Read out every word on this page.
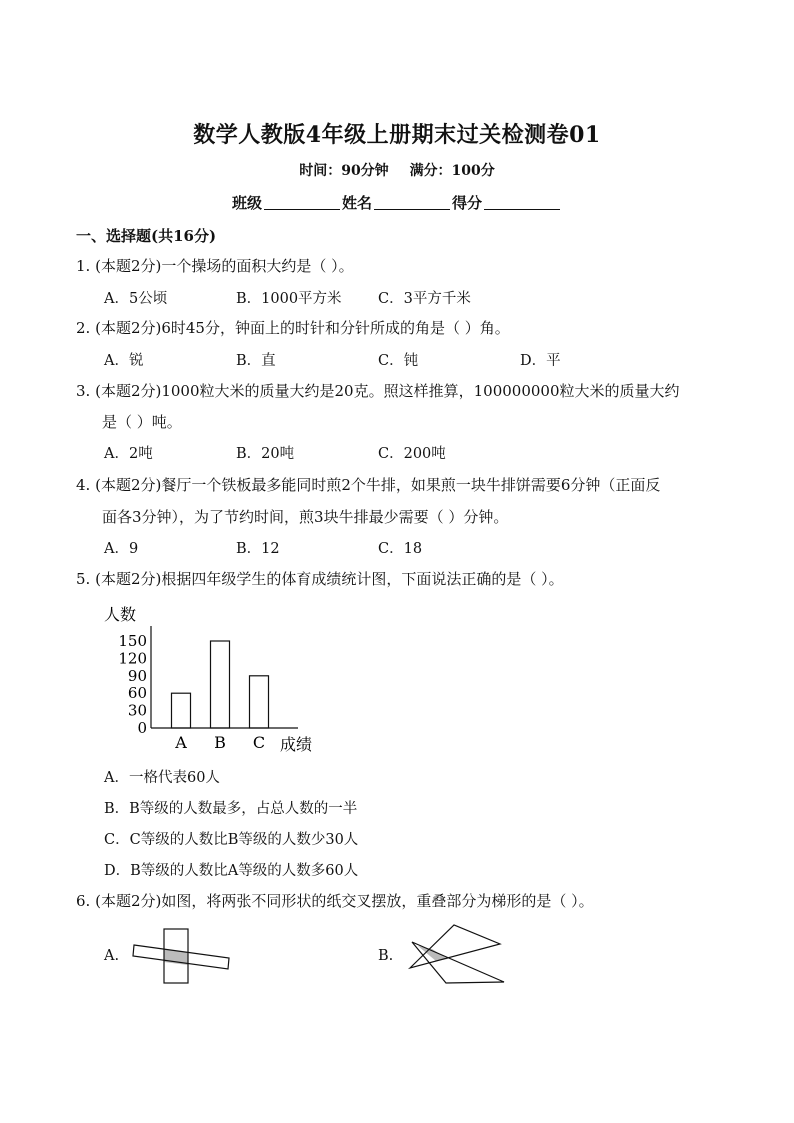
数学人教版4年级上册期末过关检测卷01
时间：90分钟 满分：100分
班级	姓名	得分
一、选择题(共16分)
1. (本题2分)一个操场的面积大约是（ ）。
A．5公顷	B．1000平方米	C．3平方千米
2. (本题2分)6时45分，钟面上的时针和分针所成的角是（ ）角。
A．锐	B．直	C．钝	D．平
3. (本题2分)1000粒大米的质量大约是20克。照这样推算，100000000粒大米的质量大约
是（ ）吨。
A．2吨	B．20吨	C．200吨
4. (本题2分)餐厅一个铁板最多能同时煎2个牛排，如果煎一块牛排饼需要6分钟（正面反
面各3分钟），为了节约时间，煎3块牛排最少需要（ ）分钟。
A．9	B．12	C．18
5. (本题2分)根据四年级学生的体育成绩统计图，下面说法正确的是（ ）。
人数
0
30
60
90
120
150
A B C 成绩
A．一格代表60人
B．B等级的人数最多，占总人数的一半
C．C等级的人数比B等级的人数少30人
D．B等级的人数比A等级的人数多60人
6. (本题2分)如图，将两张不同形状的纸交叉摆放，重叠部分为梯形的是（ ）。
A.	B.
